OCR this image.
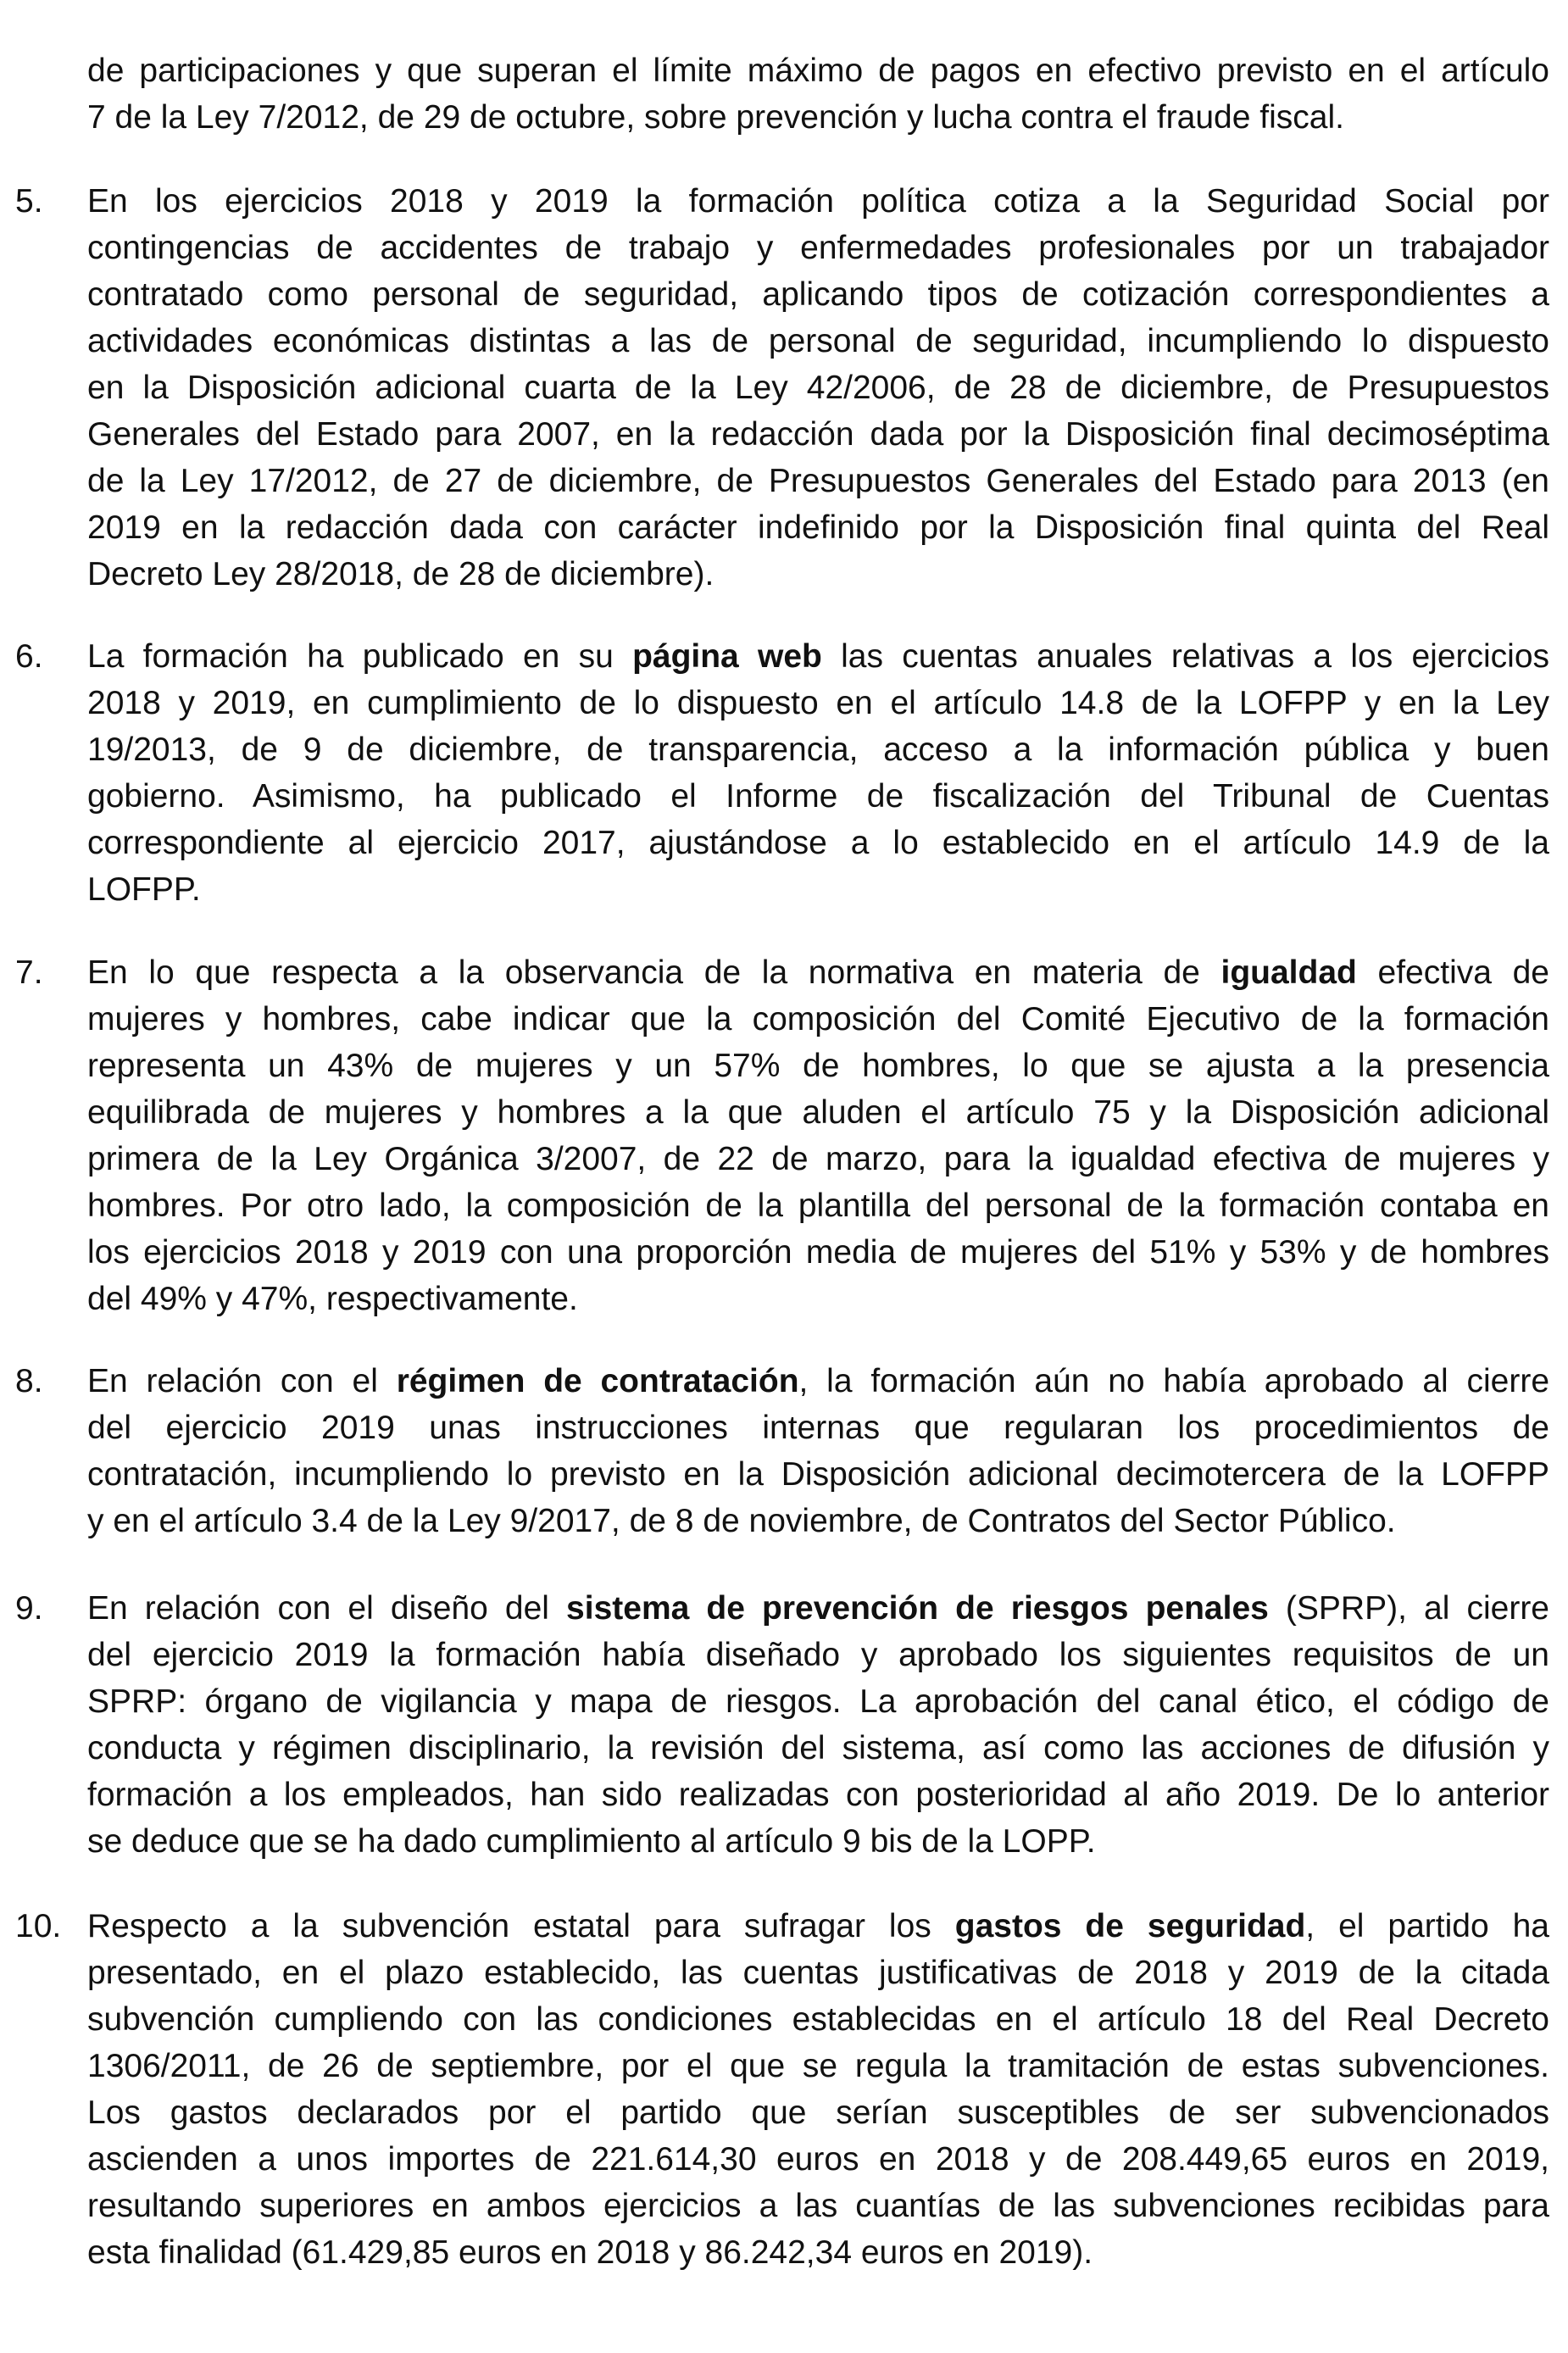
de participaciones y que superan el límite máximo de pagos en efectivo previsto en el artículo
7 de la Ley 7/2012, de 29 de octubre, sobre prevención y lucha contra el fraude fiscal.
5. En los ejercicios 2018 y 2019 la formación política cotiza a la Seguridad Social por
contingencias de accidentes de trabajo y enfermedades profesionales por un trabajador
contratado como personal de seguridad, aplicando tipos de cotización correspondientes a
actividades económicas distintas a las de personal de seguridad, incumpliendo lo dispuesto
en la Disposición adicional cuarta de la Ley 42/2006, de 28 de diciembre, de Presupuestos
Generales del Estado para 2007, en la redacción dada por la Disposición final decimoséptima
de la Ley 17/2012, de 27 de diciembre, de Presupuestos Generales del Estado para 2013 (en
2019 en la redacción dada con carácter indefinido por la Disposición final quinta del Real
Decreto Ley 28/2018, de 28 de diciembre).
6. La formación ha publicado en su página web las cuentas anuales relativas a los ejercicios
2018 y 2019, en cumplimiento de lo dispuesto en el artículo 14.8 de la LOFPP y en la Ley
19/2013, de 9 de diciembre, de transparencia, acceso a la información pública y buen
gobierno. Asimismo, ha publicado el Informe de fiscalización del Tribunal de Cuentas
correspondiente al ejercicio 2017, ajustándose a lo establecido en el artículo 14.9 de la
LOFPP.
7. En lo que respecta a la observancia de la normativa en materia de igualdad efectiva de
mujeres y hombres, cabe indicar que la composición del Comité Ejecutivo de la formación
representa un 43% de mujeres y un 57% de hombres, lo que se ajusta a la presencia
equilibrada de mujeres y hombres a la que aluden el artículo 75 y la Disposición adicional
primera de la Ley Orgánica 3/2007, de 22 de marzo, para la igualdad efectiva de mujeres y
hombres. Por otro lado, la composición de la plantilla del personal de la formación contaba en
los ejercicios 2018 y 2019 con una proporción media de mujeres del 51% y 53% y de hombres
del 49% y 47%, respectivamente.
8. En relación con el régimen de contratación, la formación aún no había aprobado al cierre
del ejercicio 2019 unas instrucciones internas que regularan los procedimientos de
contratación, incumpliendo lo previsto en la Disposición adicional decimotercera de la LOFPP
y en el artículo 3.4 de la Ley 9/2017, de 8 de noviembre, de Contratos del Sector Público.
9. En relación con el diseño del sistema de prevención de riesgos penales (SPRP), al cierre
del ejercicio 2019 la formación había diseñado y aprobado los siguientes requisitos de un
SPRP: órgano de vigilancia y mapa de riesgos. La aprobación del canal ético, el código de
conducta y régimen disciplinario, la revisión del sistema, así como las acciones de difusión y
formación a los empleados, han sido realizadas con posterioridad al año 2019. De lo anterior
se deduce que se ha dado cumplimiento al artículo 9 bis de la LOPP.
10. Respecto a la subvención estatal para sufragar los gastos de seguridad, el partido ha
presentado, en el plazo establecido, las cuentas justificativas de 2018 y 2019 de la citada
subvención cumpliendo con las condiciones establecidas en el artículo 18 del Real Decreto
1306/2011, de 26 de septiembre, por el que se regula la tramitación de estas subvenciones.
Los gastos declarados por el partido que serían susceptibles de ser subvencionados
ascienden a unos importes de 221.614,30 euros en 2018 y de 208.449,65 euros en 2019,
resultando superiores en ambos ejercicios a las cuantías de las subvenciones recibidas para
esta finalidad (61.429,85 euros en 2018 y 86.242,34 euros en 2019).
